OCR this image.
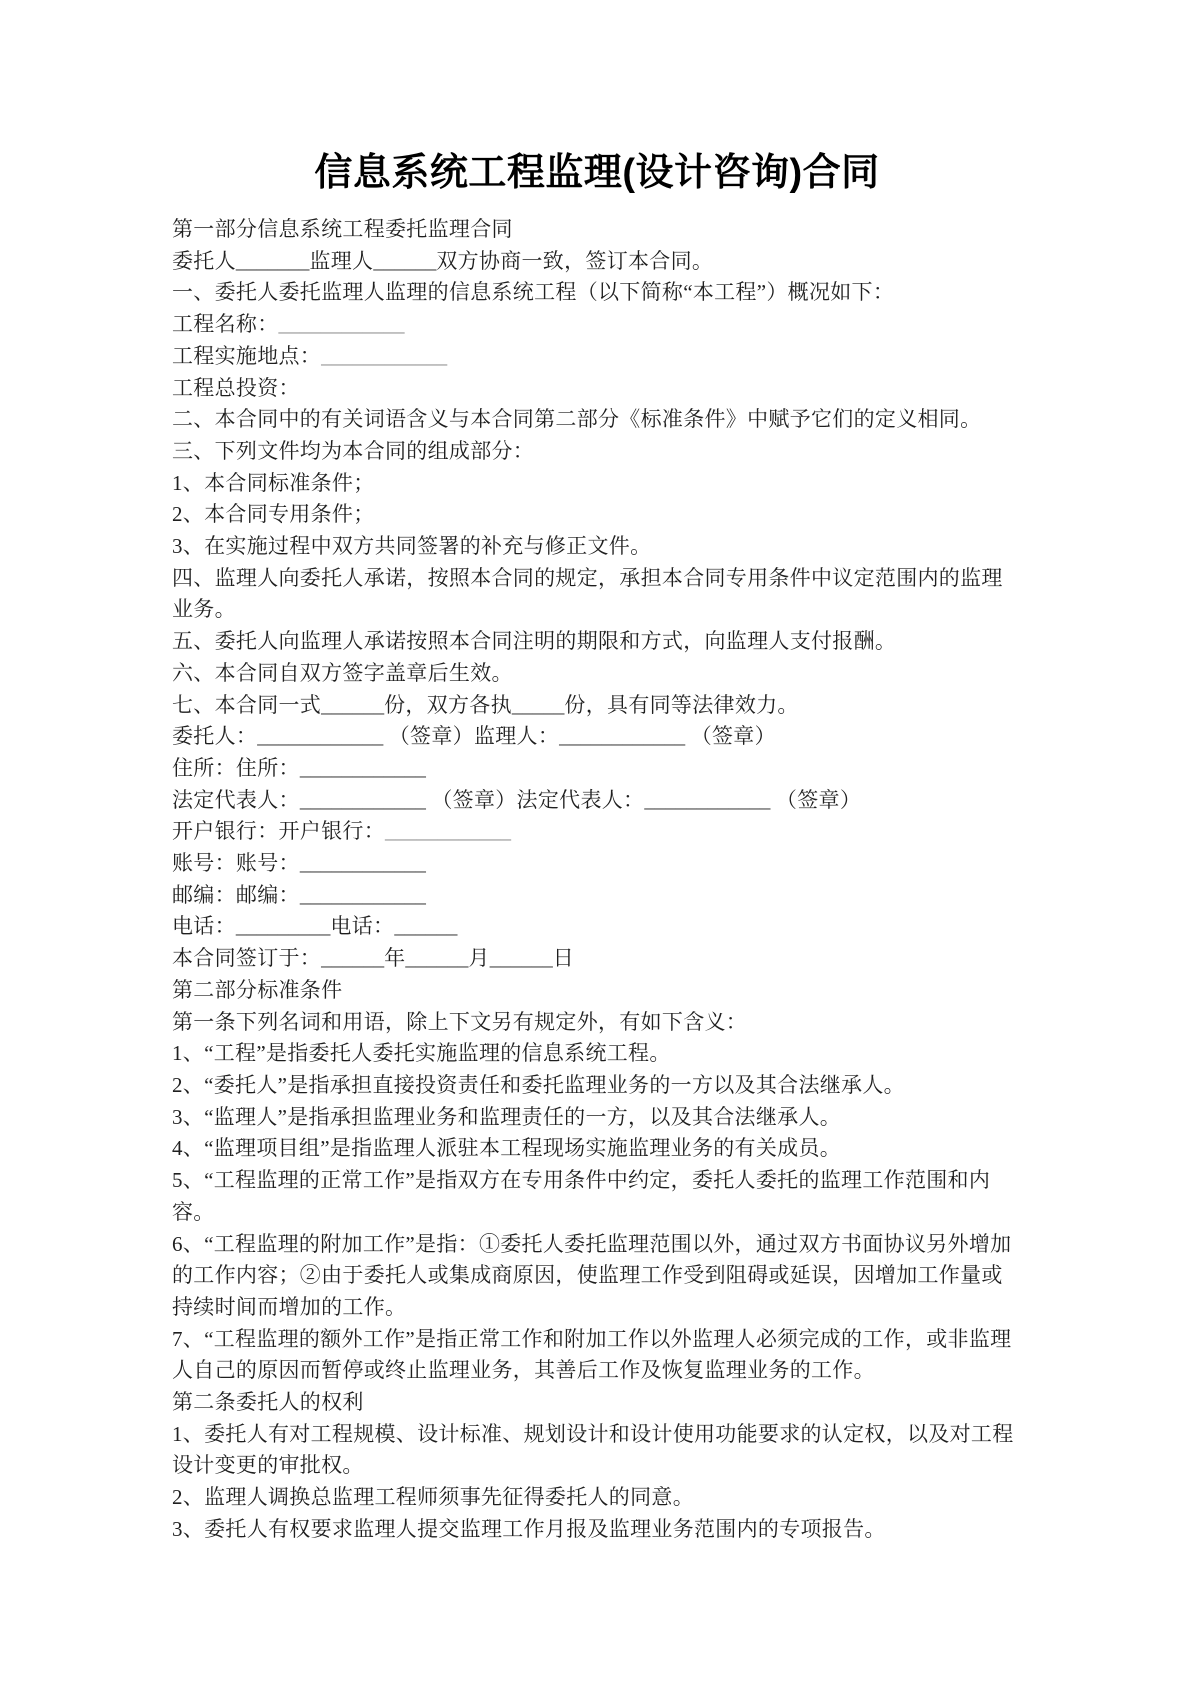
信息系统工程监理(设计咨询)合同

第一部分信息系统工程委托监理合同

委托人_______监理人______双方协商一致，签订本合同。

一、委托人委托监理人监理的信息系统工程（以下简称“本工程”）概况如下：

工程名称：____________

工程实施地点：____________

工程总投资：

二、本合同中的有关词语含义与本合同第二部分《标准条件》中赋予它们的定义相同。

三、下列文件均为本合同的组成部分：

1、本合同标准条件；

2、本合同专用条件；

3、在实施过程中双方共同签署的补充与修正文件。

四、监理人向委托人承诺，按照本合同的规定，承担本合同专用条件中议定范围内的监理业务。

五、委托人向监理人承诺按照本合同注明的期限和方式，向监理人支付报酬。

六、本合同自双方签字盖章后生效。

七、本合同一式______份，双方各执_____份，具有同等法律效力。

委托人：____________ （签章）监理人：____________ （签章）

住所：住所：____________

法定代表人：____________ （签章）法定代表人：____________ （签章）

开户银行：开户银行：____________

账号：账号：____________

邮编：邮编：____________

电话：_________电话：______

本合同签订于：______年______月______日

第二部分标准条件

第一条下列名词和用语，除上下文另有规定外，有如下含义：

1、“工程”是指委托人委托实施监理的信息系统工程。

2、“委托人”是指承担直接投资责任和委托监理业务的一方以及其合法继承人。

3、“监理人”是指承担监理业务和监理责任的一方，以及其合法继承人。

4、“监理项目组”是指监理人派驻本工程现场实施监理业务的有关成员。

5、“工程监理的正常工作”是指双方在专用条件中约定，委托人委托的监理工作范围和内容。

6、“工程监理的附加工作”是指：①委托人委托监理范围以外，通过双方书面协议另外增加的工作内容；②由于委托人或集成商原因，使监理工作受到阻碍或延误，因增加工作量或持续时间而增加的工作。

7、“工程监理的额外工作”是指正常工作和附加工作以外监理人必须完成的工作，或非监理人自己的原因而暂停或终止监理业务，其善后工作及恢复监理业务的工作。

第二条委托人的权利

1、委托人有对工程规模、设计标准、规划设计和设计使用功能要求的认定权，以及对工程设计变更的审批权。

2、监理人调换总监理工程师须事先征得委托人的同意。

3、委托人有权要求监理人提交监理工作月报及监理业务范围内的专项报告。
